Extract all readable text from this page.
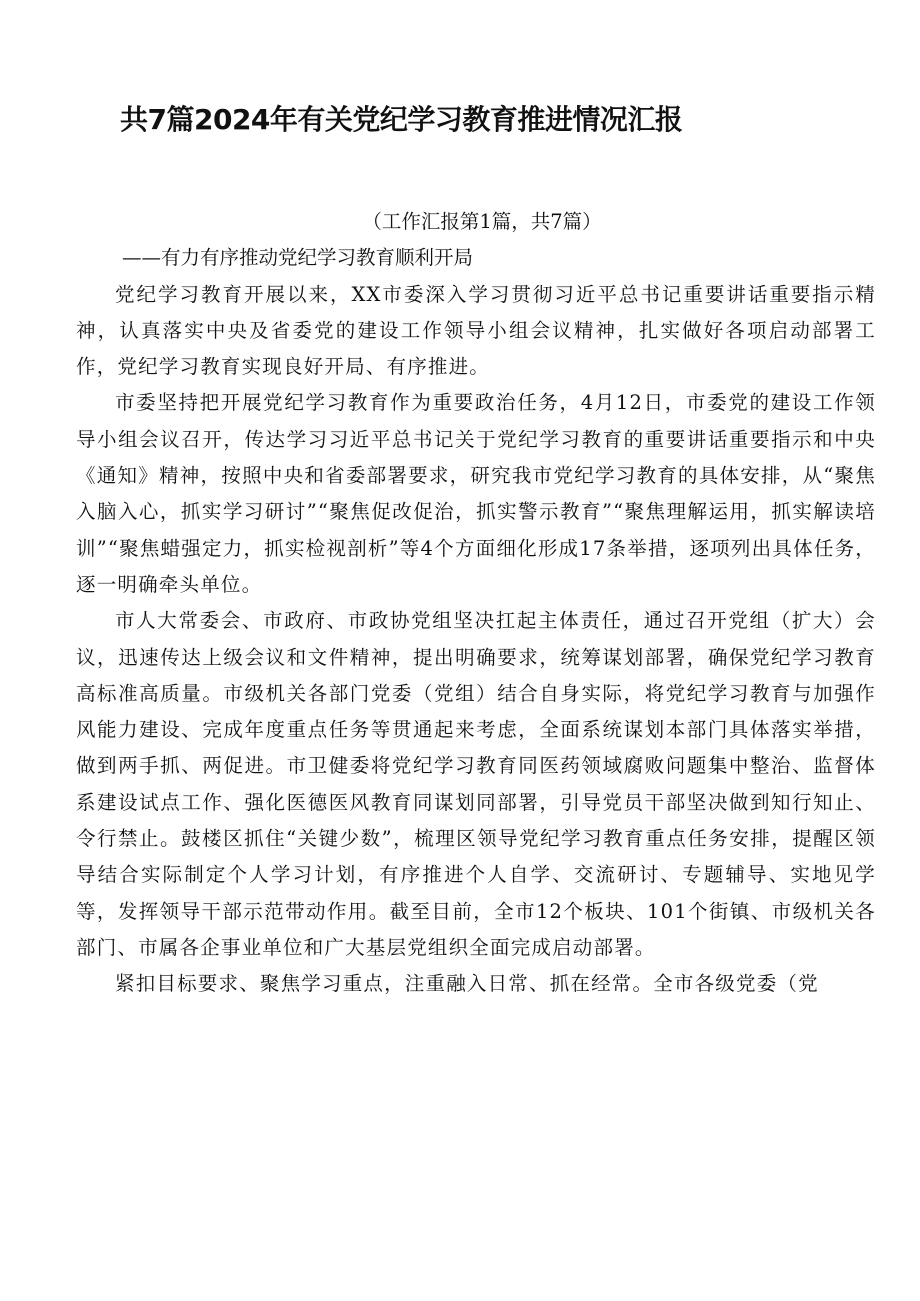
共7篇2024年有关党纪学习教育推进情况汇报

（工作汇报第1篇，共7篇）

——有力有序推动党纪学习教育顺利开局

党纪学习教育开展以来，XX市委深入学习贯彻习近平总书记重要讲话重要指示精神，认真落实中央及省委党的建设工作领导小组会议精神，扎实做好各项启动部署工作，党纪学习教育实现良好开局、有序推进。

市委坚持把开展党纪学习教育作为重要政治任务，4月12日，市委党的建设工作领导小组会议召开，传达学习习近平总书记关于党纪学习教育的重要讲话重要指示和中央《通知》精神，按照中央和省委部署要求，研究我市党纪学习教育的具体安排，从“聚焦入脑入心，抓实学习研讨”“聚焦促改促治，抓实警示教育”“聚焦理解运用，抓实解读培训”“聚焦蜡强定力，抓实检视剖析”等4个方面细化形成17条举措，逐项列出具体任务，逐一明确牵头单位。

市人大常委会、市政府、市政协党组坚决扛起主体责任，通过召开党组（扩大）会议，迅速传达上级会议和文件精神，提出明确要求，统筹谋划部署，确保党纪学习教育高标准高质量。市级机关各部门党委（党组）结合自身实际，将党纪学习教育与加强作风能力建设、完成年度重点任务等贯通起来考虑，全面系统谋划本部门具体落实举措，做到两手抓、两促进。市卫健委将党纪学习教育同医药领域腐败问题集中整治、监督体系建设试点工作、强化医德医风教育同谋划同部署，引导党员干部坚决做到知行知止、令行禁止。鼓楼区抓住“关键少数”，梳理区领导党纪学习教育重点任务安排，提醒区领导结合实际制定个人学习计划，有序推进个人自学、交流研讨、专题辅导、实地见学等，发挥领导干部示范带动作用。截至目前，全市12个板块、101个街镇、市级机关各部门、市属各企事业单位和广大基层党组织全面完成启动部署。

紧扣目标要求、聚焦学习重点，注重融入日常、抓在经常。全市各级党委（党
